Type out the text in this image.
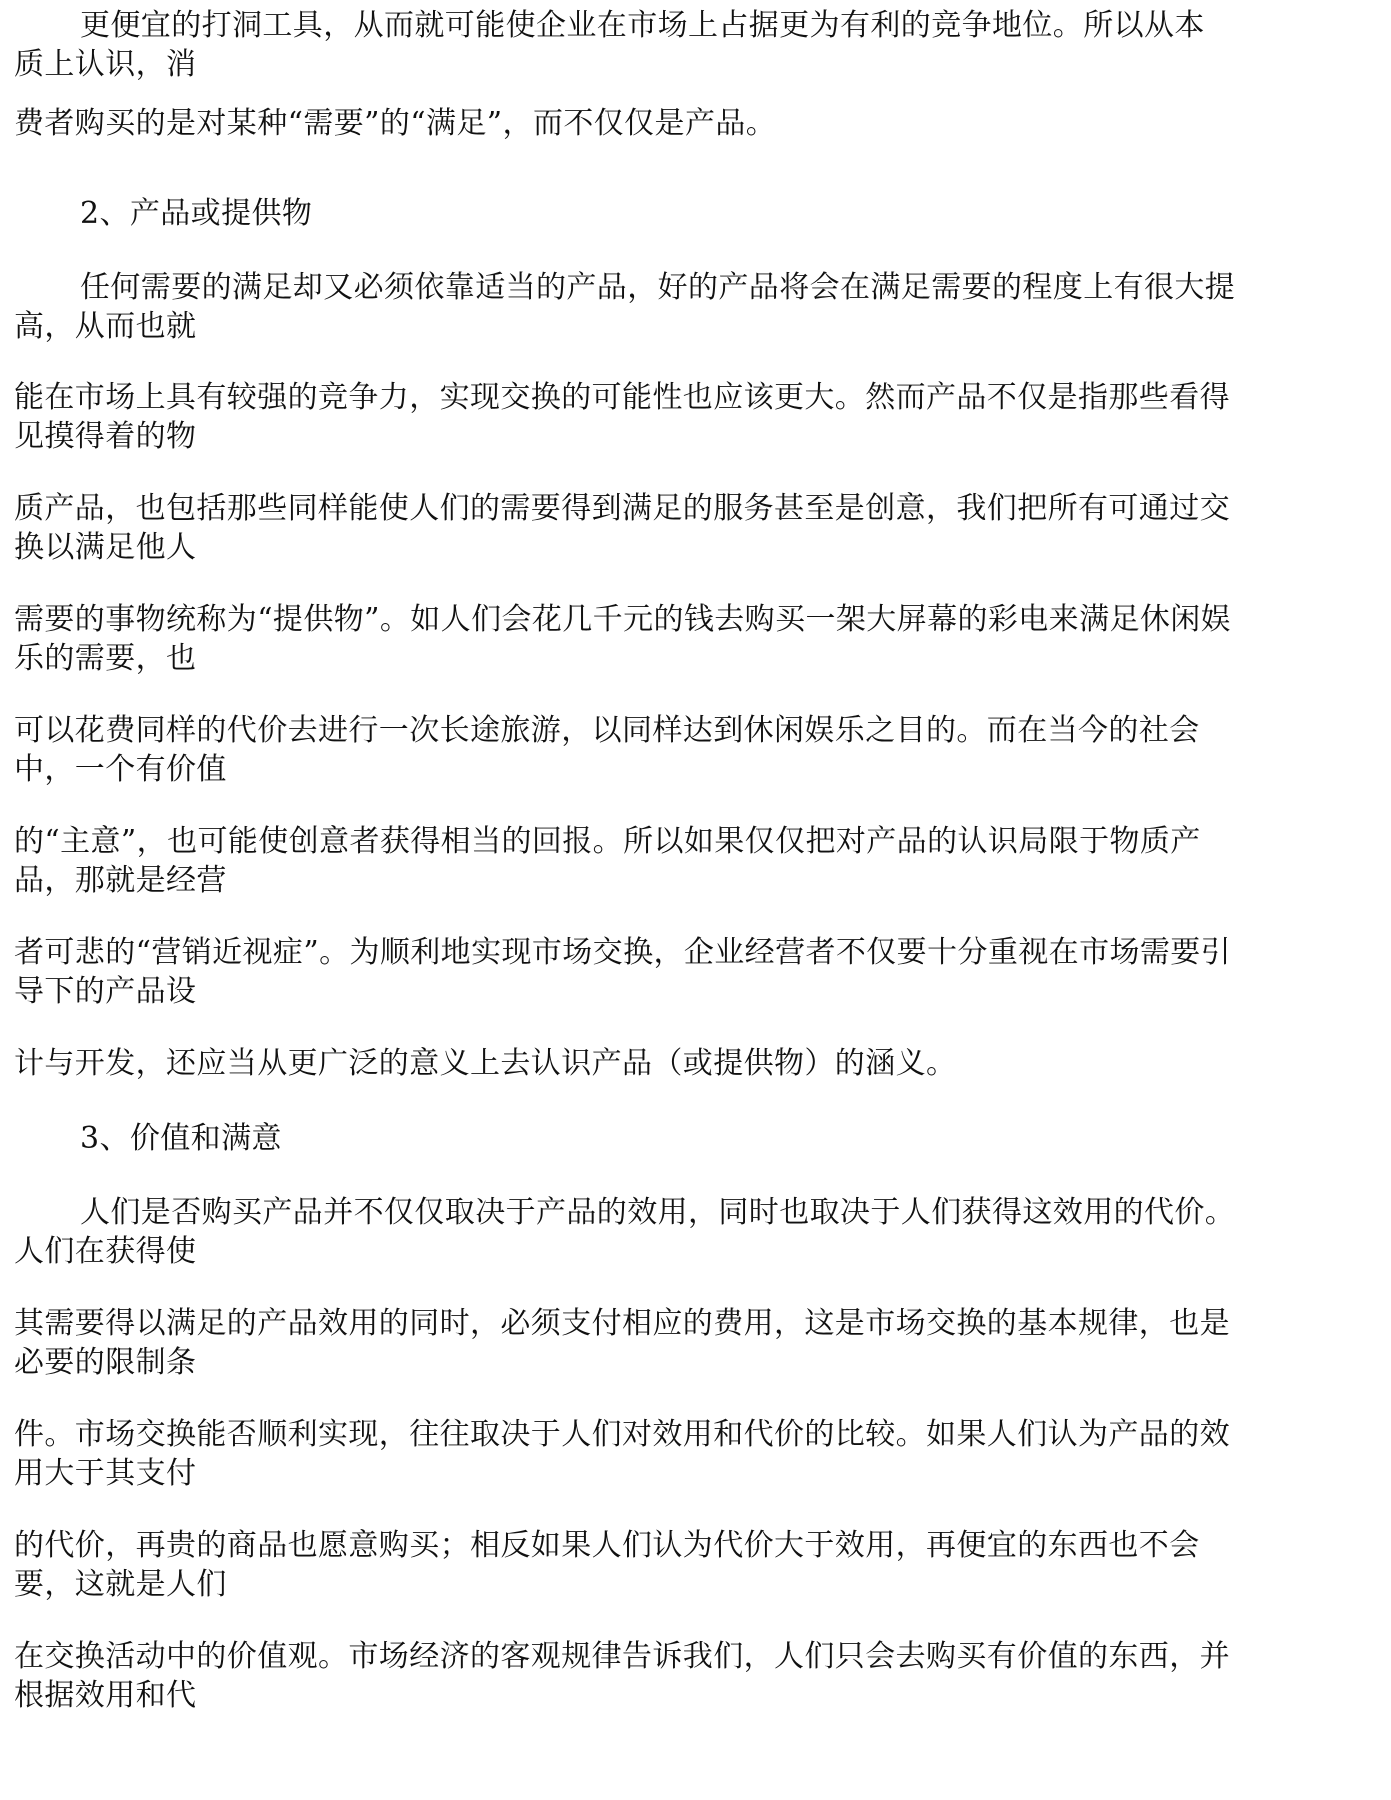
更便宜的打洞工具，从而就可能使企业在市场上占据更为有利的竞争地位。所以从本
质上认识，消
费者购买的是对某种“需要”的“满足”，而不仅仅是产品。
2、产品或提供物
任何需要的满足却又必须依靠适当的产品，好的产品将会在满足需要的程度上有很大提
高，从而也就
能在市场上具有较强的竞争力，实现交换的可能性也应该更大。然而产品不仅是指那些看得
见摸得着的物
质产品，也包括那些同样能使人们的需要得到满足的服务甚至是创意，我们把所有可通过交
换以满足他人
需要的事物统称为“提供物”。如人们会花几千元的钱去购买一架大屏幕的彩电来满足休闲娱
乐的需要，也
可以花费同样的代价去进行一次长途旅游，以同样达到休闲娱乐之目的。而在当今的社会
中，一个有价值
的“主意”，也可能使创意者获得相当的回报。所以如果仅仅把对产品的认识局限于物质产
品，那就是经营
者可悲的“营销近视症”。为顺利地实现市场交换，企业经营者不仅要十分重视在市场需要引
导下的产品设
计与开发，还应当从更广泛的意义上去认识产品（或提供物）的涵义。
3、价值和满意
人们是否购买产品并不仅仅取决于产品的效用，同时也取决于人们获得这效用的代价。
人们在获得使
其需要得以满足的产品效用的同时，必须支付相应的费用，这是市场交换的基本规律，也是
必要的限制条
件。市场交换能否顺利实现，往往取决于人们对效用和代价的比较。如果人们认为产品的效
用大于其支付
的代价，再贵的商品也愿意购买；相反如果人们认为代价大于效用，再便宜的东西也不会
要，这就是人们
在交换活动中的价值观。市场经济的客观规律告诉我们，人们只会去购买有价值的东西，并
根据效用和代
